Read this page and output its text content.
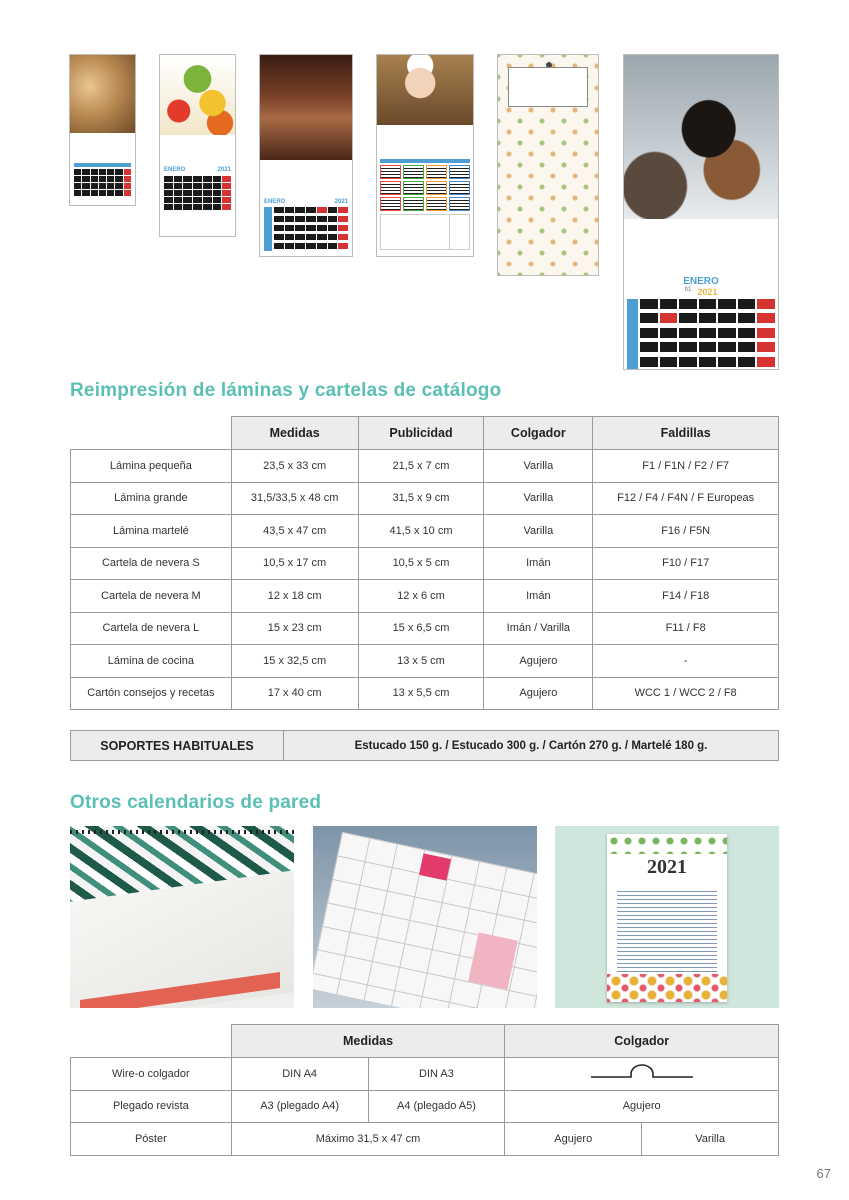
ENERO	2021
ENERO	2021
ENERO
01 2021
Reimpresión de láminas y cartelas de catálogo
	Medidas	Publicidad	Colgador	Faldillas
Lámina pequeña	23,5 x 33 cm	21,5 x 7 cm	Varilla	F1 / F1N / F2 / F7
Lámina grande	31,5/33,5 x 48 cm	31,5 x 9 cm	Varilla	F12 / F4 / F4N / F Europeas
Lámina martelé	43,5 x 47 cm	41,5 x 10 cm	Varilla	F16 / F5N
Cartela de nevera S	10,5 x 17 cm	10,5 x 5 cm	Imán	F10 / F17
Cartela de nevera M	12 x 18 cm	12 x 6 cm	Imán	F14 / F18
Cartela de nevera L	15 x 23 cm	15 x 6,5 cm	Imán / Varilla	F11 / F8
Lámina de cocina	15 x 32,5 cm	13 x 5 cm	Agujero	-
Cartón consejos y recetas	17 x 40 cm	13 x 5,5 cm	Agujero	WCC 1 / WCC 2 / F8
SOPORTES HABITUALES	Estucado 150 g. / Estucado 300 g. / Cartón 270 g. / Martelé 180 g.
Otros calendarios de pared
2021
	Medidas		Colgador	
Wire-o colgador	DIN A4	DIN A3	
Plegado revista	A3 (plegado A4)	A4 (plegado A5)	Agujero	
Póster	Máximo 31,5 x 47 cm		Agujero	Varilla
67
